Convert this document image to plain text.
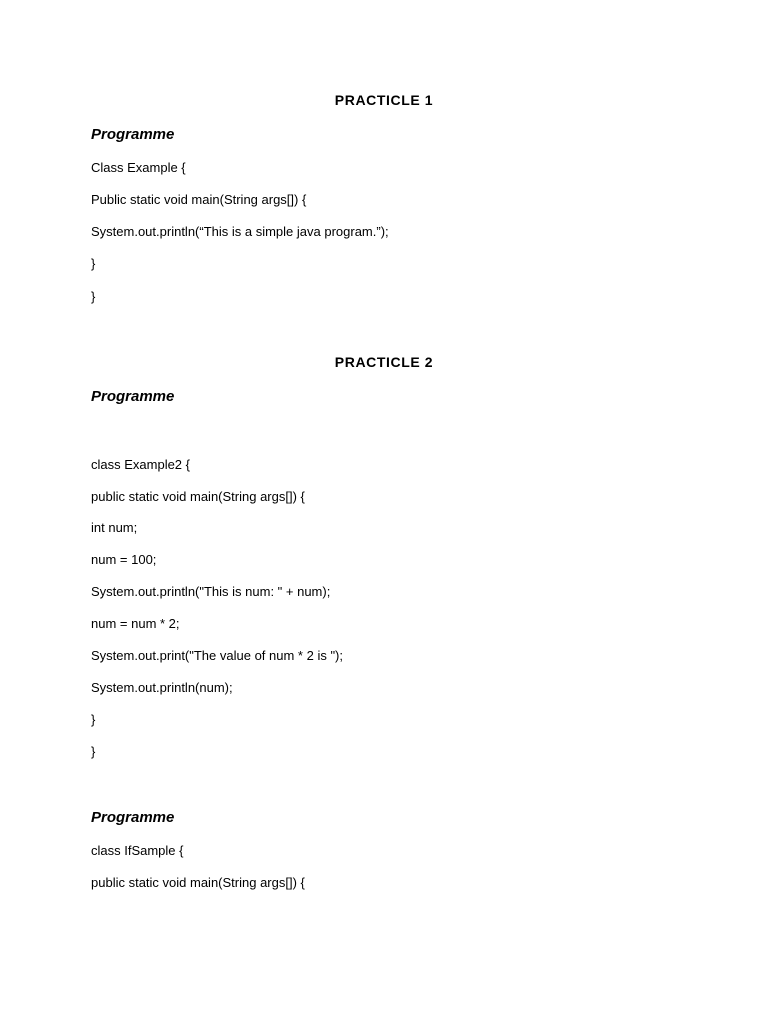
PRACTICLE 1
Programme
Class Example {
Public static void main(String args[]) {
System.out.println(“This is a simple java program.”);
}
}
PRACTICLE 2
Programme
class Example2 {
public static void main(String args[]) {
int num;
num = 100;
System.out.println("This is num: " + num);
num = num * 2;
System.out.print("The value of num * 2 is ");
System.out.println(num);
}
}
Programme
class IfSample {
public static void main(String args[]) {
